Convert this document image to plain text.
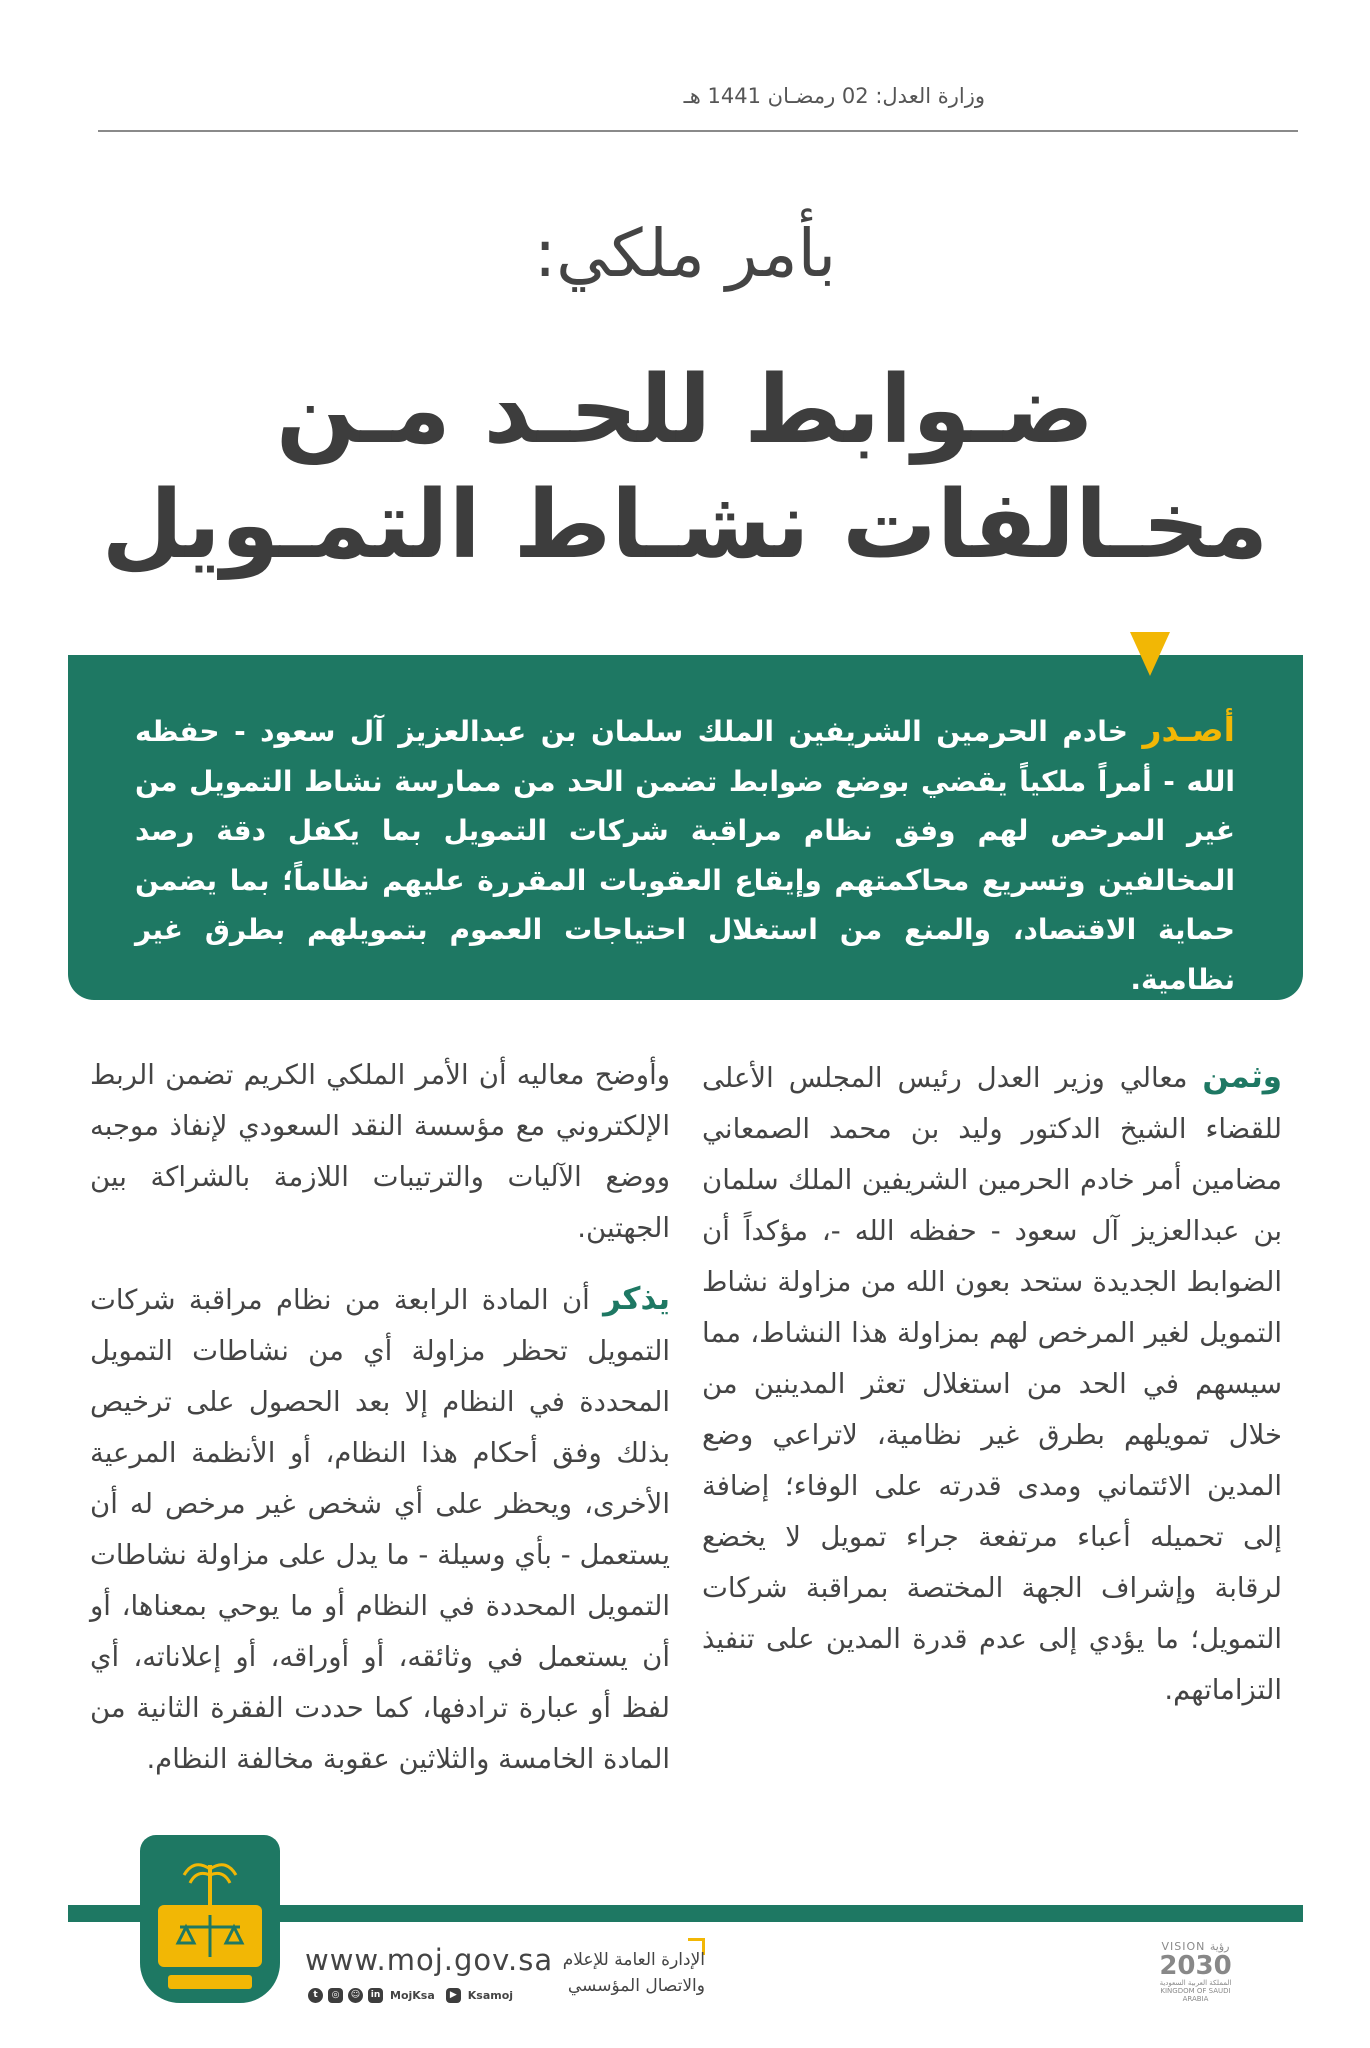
وزارة العدل: 02 رمضـان 1441 هـ
بأمر ملكي:
ضـوابط للحـد مـن
مخـالفات نشـاط التمـويل
أصـدر خادم الحرمين الشريفين الملك سلمان بن عبدالعزيز آل سعود - حفظه الله - أمراً ملكياً يقضي بوضع ضوابط تضمن الحد من ممارسة نشاط التمويل من غير المرخص لهم وفق نظام مراقبة شركات التمويل بما يكفل دقة رصد المخالفين وتسريع محاكمتهم وإيقاع العقوبات المقررة عليهم نظاماً؛ بما يضمن حماية الاقتصاد، والمنع من استغلال احتياجات العموم بتمويلهم بطرق غير نظامية.

وثمن معالي وزير العدل رئيس المجلس الأعلى للقضاء الشيخ الدكتور وليد بن محمد الصمعاني مضامين أمر خادم الحرمين الشريفين الملك سلمان بن عبدالعزيز آل سعود - حفظه الله -، مؤكداً أن الضوابط الجديدة ستحد بعون الله من مزاولة نشاط التمويل لغير المرخص لهم بمزاولة هذا النشاط، مما سيسهم في الحد من استغلال تعثر المدينين من خلال تمويلهم بطرق غير نظامية، لاتراعي وضع المدين الائتماني ومدى قدرته على الوفاء؛ إضافة إلى تحميله أعباء مرتفعة جراء تمويل لا يخضع لرقابة وإشراف الجهة المختصة بمراقبة شركات التمويل؛ ما يؤدي إلى عدم قدرة المدين على تنفيذ التزاماتهم.

وأوضح معاليه أن الأمر الملكي الكريم تضمن الربط الإلكتروني مع مؤسسة النقد السعودي لإنفاذ موجبه ووضع الآليات والترتيبات اللازمة بالشراكة بين الجهتين.

يذكر أن المادة الرابعة من نظام مراقبة شركات التمويل تحظر مزاولة أي من نشاطات التمويل المحددة في النظام إلا بعد الحصول على ترخيص بذلك وفق أحكام هذا النظام، أو الأنظمة المرعية الأخرى، ويحظر على أي شخص غير مرخص له أن يستعمل - بأي وسيلة - ما يدل على مزاولة نشاطات التمويل المحددة في النظام أو ما يوحي بمعناها، أو أن يستعمل في وثائقه، أو أوراقه، أو إعلاناته، أي لفظ أو عبارة ترادفها، كما حددت الفقرة الثانية من المادة الخامسة والثلاثين عقوبة مخالفة النظام.

www.moj.gov.sa
t	◎	☺	in MojKsa	▶	Ksamoj
الإدارة العامة للإعلام
والاتصال المؤسسي
VISION رؤية
2030
المملكة العربية السعودية KINGDOM OF SAUDI ARABIA
